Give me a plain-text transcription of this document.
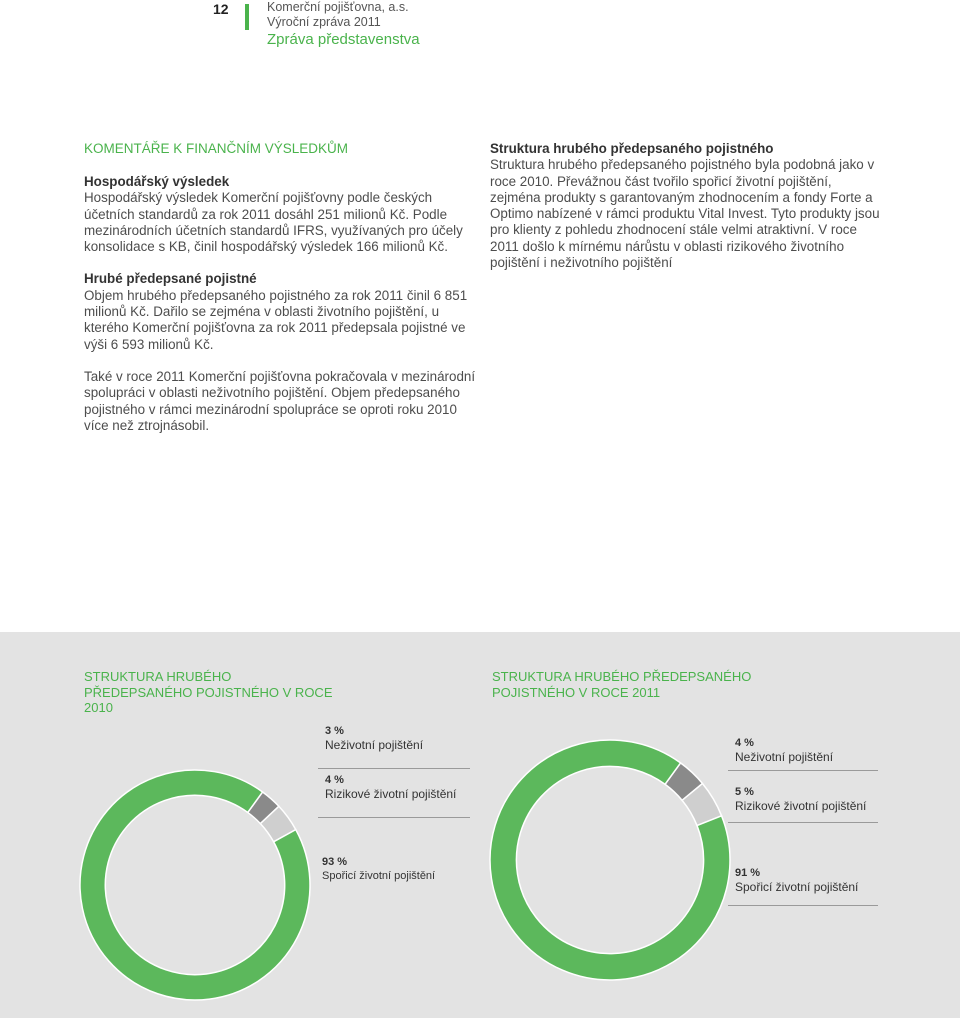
12	Komerční pojišťovna, a.s.
Výroční zpráva 2011
Zpráva představenstva
KOMENTÁŘE K FINANČNÍM VÝSLEDKŮM

Hospodářský výsledek

Hospodářský výsledek Komerční pojišťovny podle českých účetních standardů za rok 2011 dosáhl 251 milionů Kč. Podle mezinárodních účetních standardů IFRS, využívaných pro účely konsolidace s KB, činil hospodářský výsledek 166 milionů Kč.

Hrubé předepsané pojistné

Objem hrubého předepsaného pojistného za rok 2011 činil 6 851 milionů Kč. Dařilo se zejména v oblasti životního pojištění, u kterého Komerční pojišťovna za rok 2011 předepsala pojistné ve výši 6 593 milionů Kč.

Také v roce 2011 Komerční pojišťovna pokračovala v mezinárodní spolupráci v oblasti neživotního pojištění. Objem předepsaného pojistného v rámci mezinárodní spolupráce se oproti roku 2010 více než ztrojnásobil.

Struktura hrubého předepsaného pojistného

Struktura hrubého předepsaného pojistného byla podobná jako v roce 2010. Převážnou část tvořilo spořicí životní pojištění, zejména produkty s garantovaným zhodnocením a fondy Forte a Optimo nabízené v rámci produktu Vital Invest. Tyto produkty jsou pro klienty z pohledu zhodnocení stále velmi atraktivní. V roce 2011 došlo k mírnému nárůstu v oblasti rizikového životního pojištění i neživotního pojištění

STRUKTURA HRUBÉHO PŘEDEPSANÉHO POJISTNÉHO V ROCE 2010
3 %
Neživotní pojištění
4 %
Rizikové životní pojištění
93 %
Spořicí životní pojištění
STRUKTURA HRUBÉHO PŘEDEPSANÉHO POJISTNÉHO V ROCE 2011
4 %
Neživotní pojištění
5 %
Rizikové životní pojištění
91 %
Spořicí životní pojištění
